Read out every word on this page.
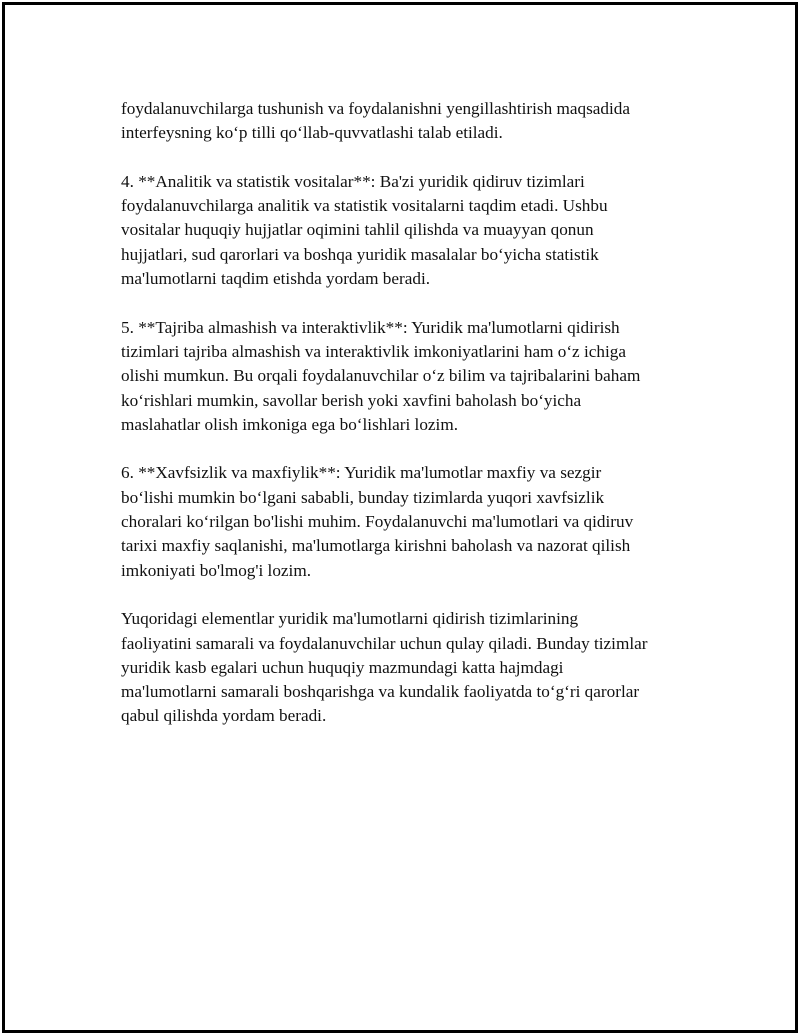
foydalanuvchilarga tushunish va foydalanishni yengillashtirish maqsadida
interfeysning ko‘p tilli qo‘llab-quvvatlashi talab etiladi.

4. **Analitik va statistik vositalar**: Ba'zi yuridik qidiruv tizimlari
foydalanuvchilarga analitik va statistik vositalarni taqdim etadi. Ushbu
vositalar huquqiy hujjatlar oqimini tahlil qilishda va muayyan qonun
hujjatlari, sud qarorlari va boshqa yuridik masalalar bo‘yicha statistik
ma'lumotlarni taqdim etishda yordam beradi.

5. **Tajriba almashish va interaktivlik**: Yuridik ma'lumotlarni qidirish
tizimlari tajriba almashish va interaktivlik imkoniyatlarini ham o‘z ichiga
olishi mumkun. Bu orqali foydalanuvchilar o‘z bilim va tajribalarini baham
ko‘rishlari mumkin, savollar berish yoki xavfini baholash bo‘yicha
maslahatlar olish imkoniga ega bo‘lishlari lozim.

6. **Xavfsizlik va maxfiylik**: Yuridik ma'lumotlar maxfiy va sezgir
bo‘lishi mumkin bo‘lgani sababli, bunday tizimlarda yuqori xavfsizlik
choralari ko‘rilgan bo'lishi muhim. Foydalanuvchi ma'lumotlari va qidiruv
tarixi maxfiy saqlanishi, ma'lumotlarga kirishni baholash va nazorat qilish
imkoniyati bo'lmog'i lozim.

Yuqoridagi elementlar yuridik ma'lumotlarni qidirish tizimlarining
faoliyatini samarali va foydalanuvchilar uchun qulay qiladi. Bunday tizimlar
yuridik kasb egalari uchun huquqiy mazmundagi katta hajmdagi
ma'lumotlarni samarali boshqarishga va kundalik faoliyatda to‘g‘ri qarorlar
qabul qilishda yordam beradi.
